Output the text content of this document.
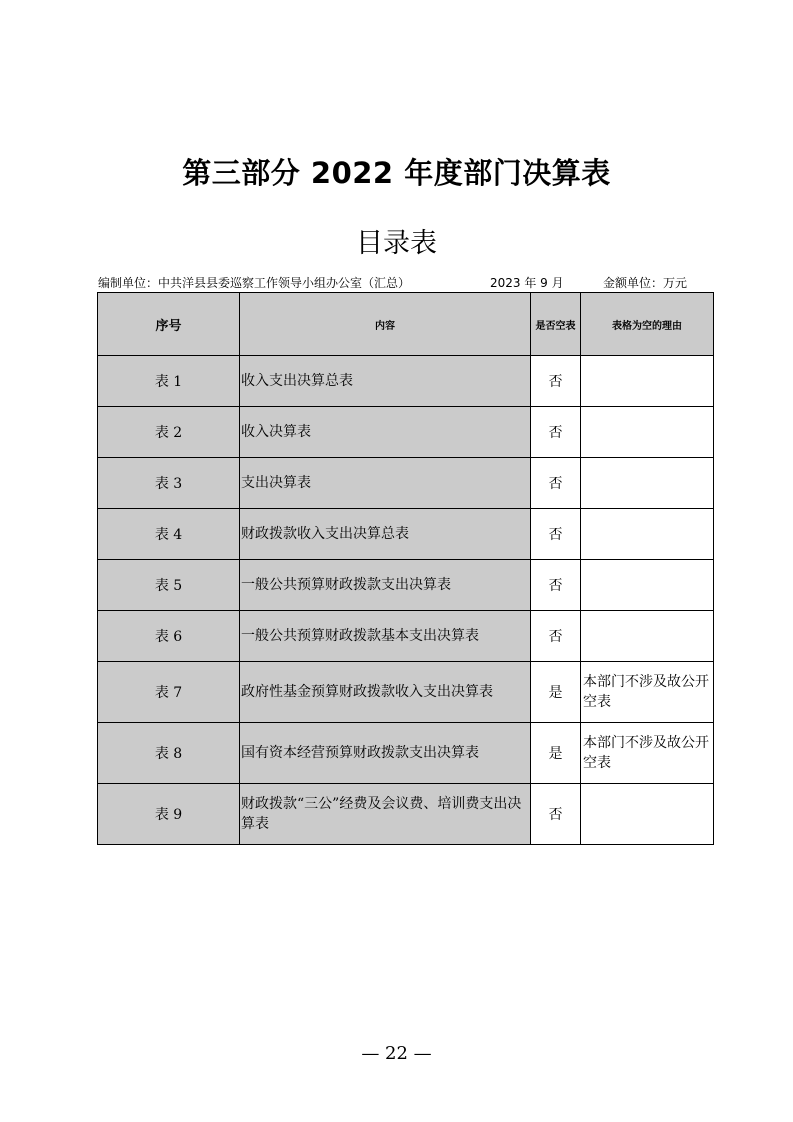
第三部分 2022 年度部门决算表
目录表
编制单位：中共洋县县委巡察工作领导小组办公室（汇总）	2023 年 9 月	金额单位：万元
序号	内容	是否空表	表格为空的理由
表 1	收入支出决算总表	否	
表 2	收入决算表	否	
表 3	支出决算表	否	
表 4	财政拨款收入支出决算总表	否	
表 5	一般公共预算财政拨款支出决算表	否	
表 6	一般公共预算财政拨款基本支出决算表	否	
表 7	政府性基金预算财政拨款收入支出决算表	是	本部门不涉及故公开空表
表 8	国有资本经营预算财政拨款支出决算表	是	本部门不涉及故公开空表
表 9	财政拨款“三公”经费及会议费、培训费支出决算表	否	
— 22 —
